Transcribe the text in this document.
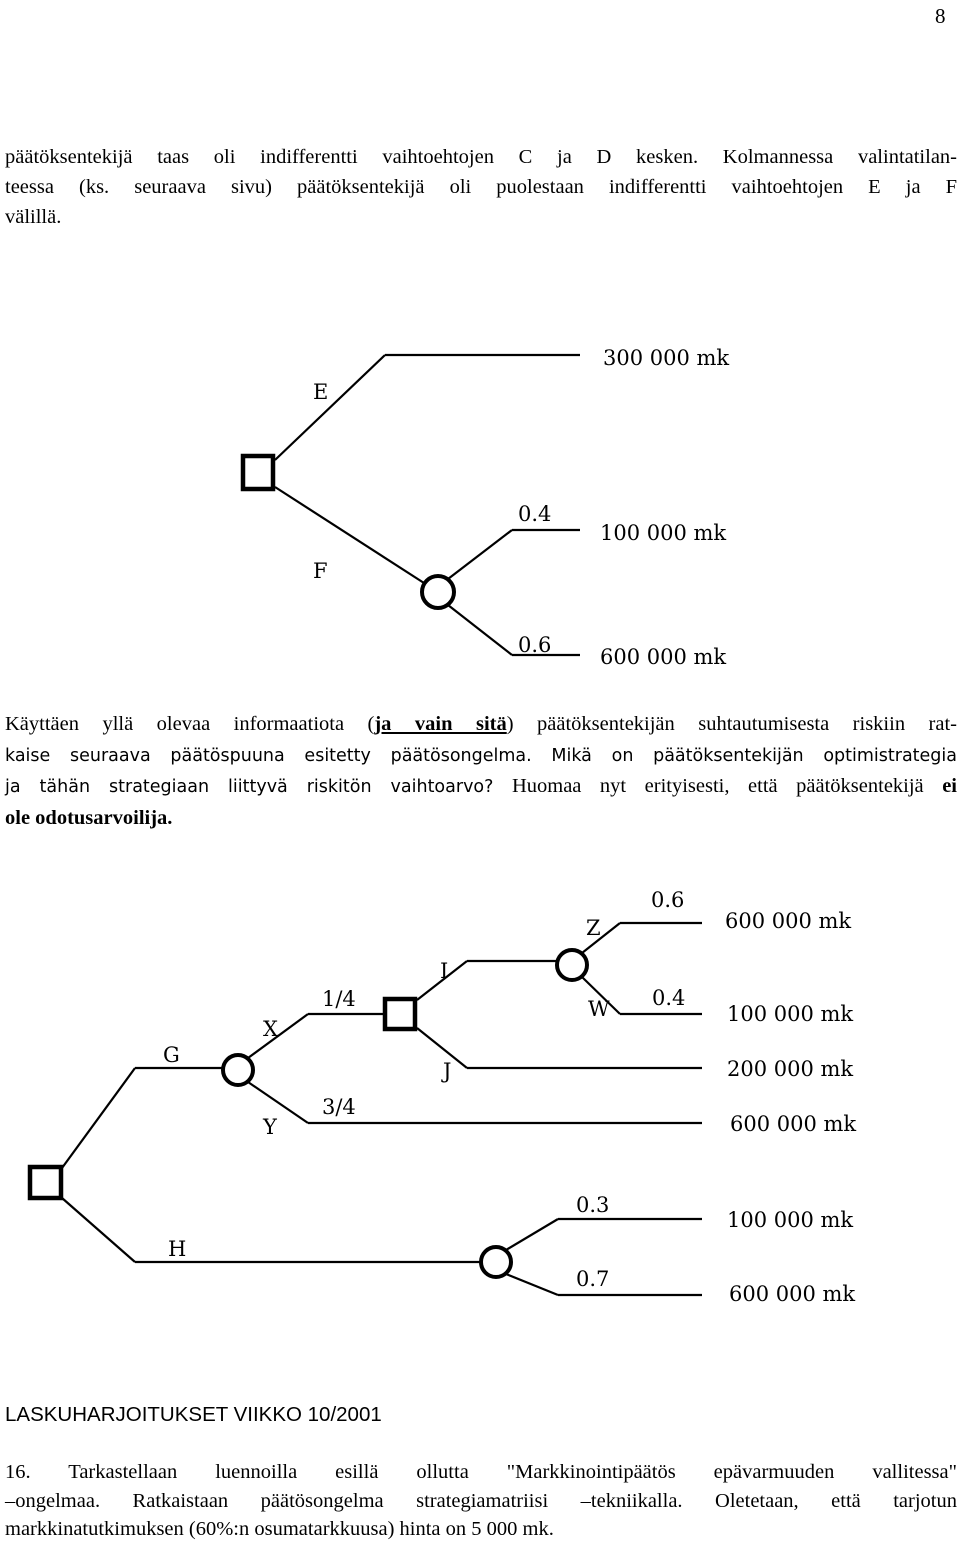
8
päätöksentekijä taas oli indifferentti vaihtoehtojen C ja D kesken. Kolmannessa valintatilan-
teessa (ks. seuraava sivu) päätöksentekijä oli puolestaan indifferentti vaihtoehtojen E ja F
välillä.
E
F
300 000 mk
0.4
100 000 mk
0.6 600 000 mk
G
H
X
Y
1/4
3/4
I
J
Z
W
0.6
0.4
600 000 mk
100 000 mk
200 000 mk
600 000 mk
0.3
0.7
100 000 mk
600 000 mk
Käyttäen yllä olevaa informaatiota (ja vain sitä) päätöksentekijän suhtautumisesta riskiin rat-
kaise seuraava päätöspuuna esitetty päätösongelma. Mikä on päätöksentekijän optimistrategia
ja tähän strategiaan liittyvä riskitön vaihtoarvo? Huomaa nyt erityisesti, että päätöksentekijä ei
ole odotusarvoilija.
LASKUHARJOITUKSET VIIKKO 10/2001
16. Tarkastellaan luennoilla esillä ollutta "Markkinointipäätös epävarmuuden vallitessa"
–ongelmaa. Ratkaistaan päätösongelma strategiamatriisi –tekniikalla. Oletetaan, että tarjotun
markkinatutkimuksen (60%:n osumatarkkuusa) hinta on 5 000 mk.
